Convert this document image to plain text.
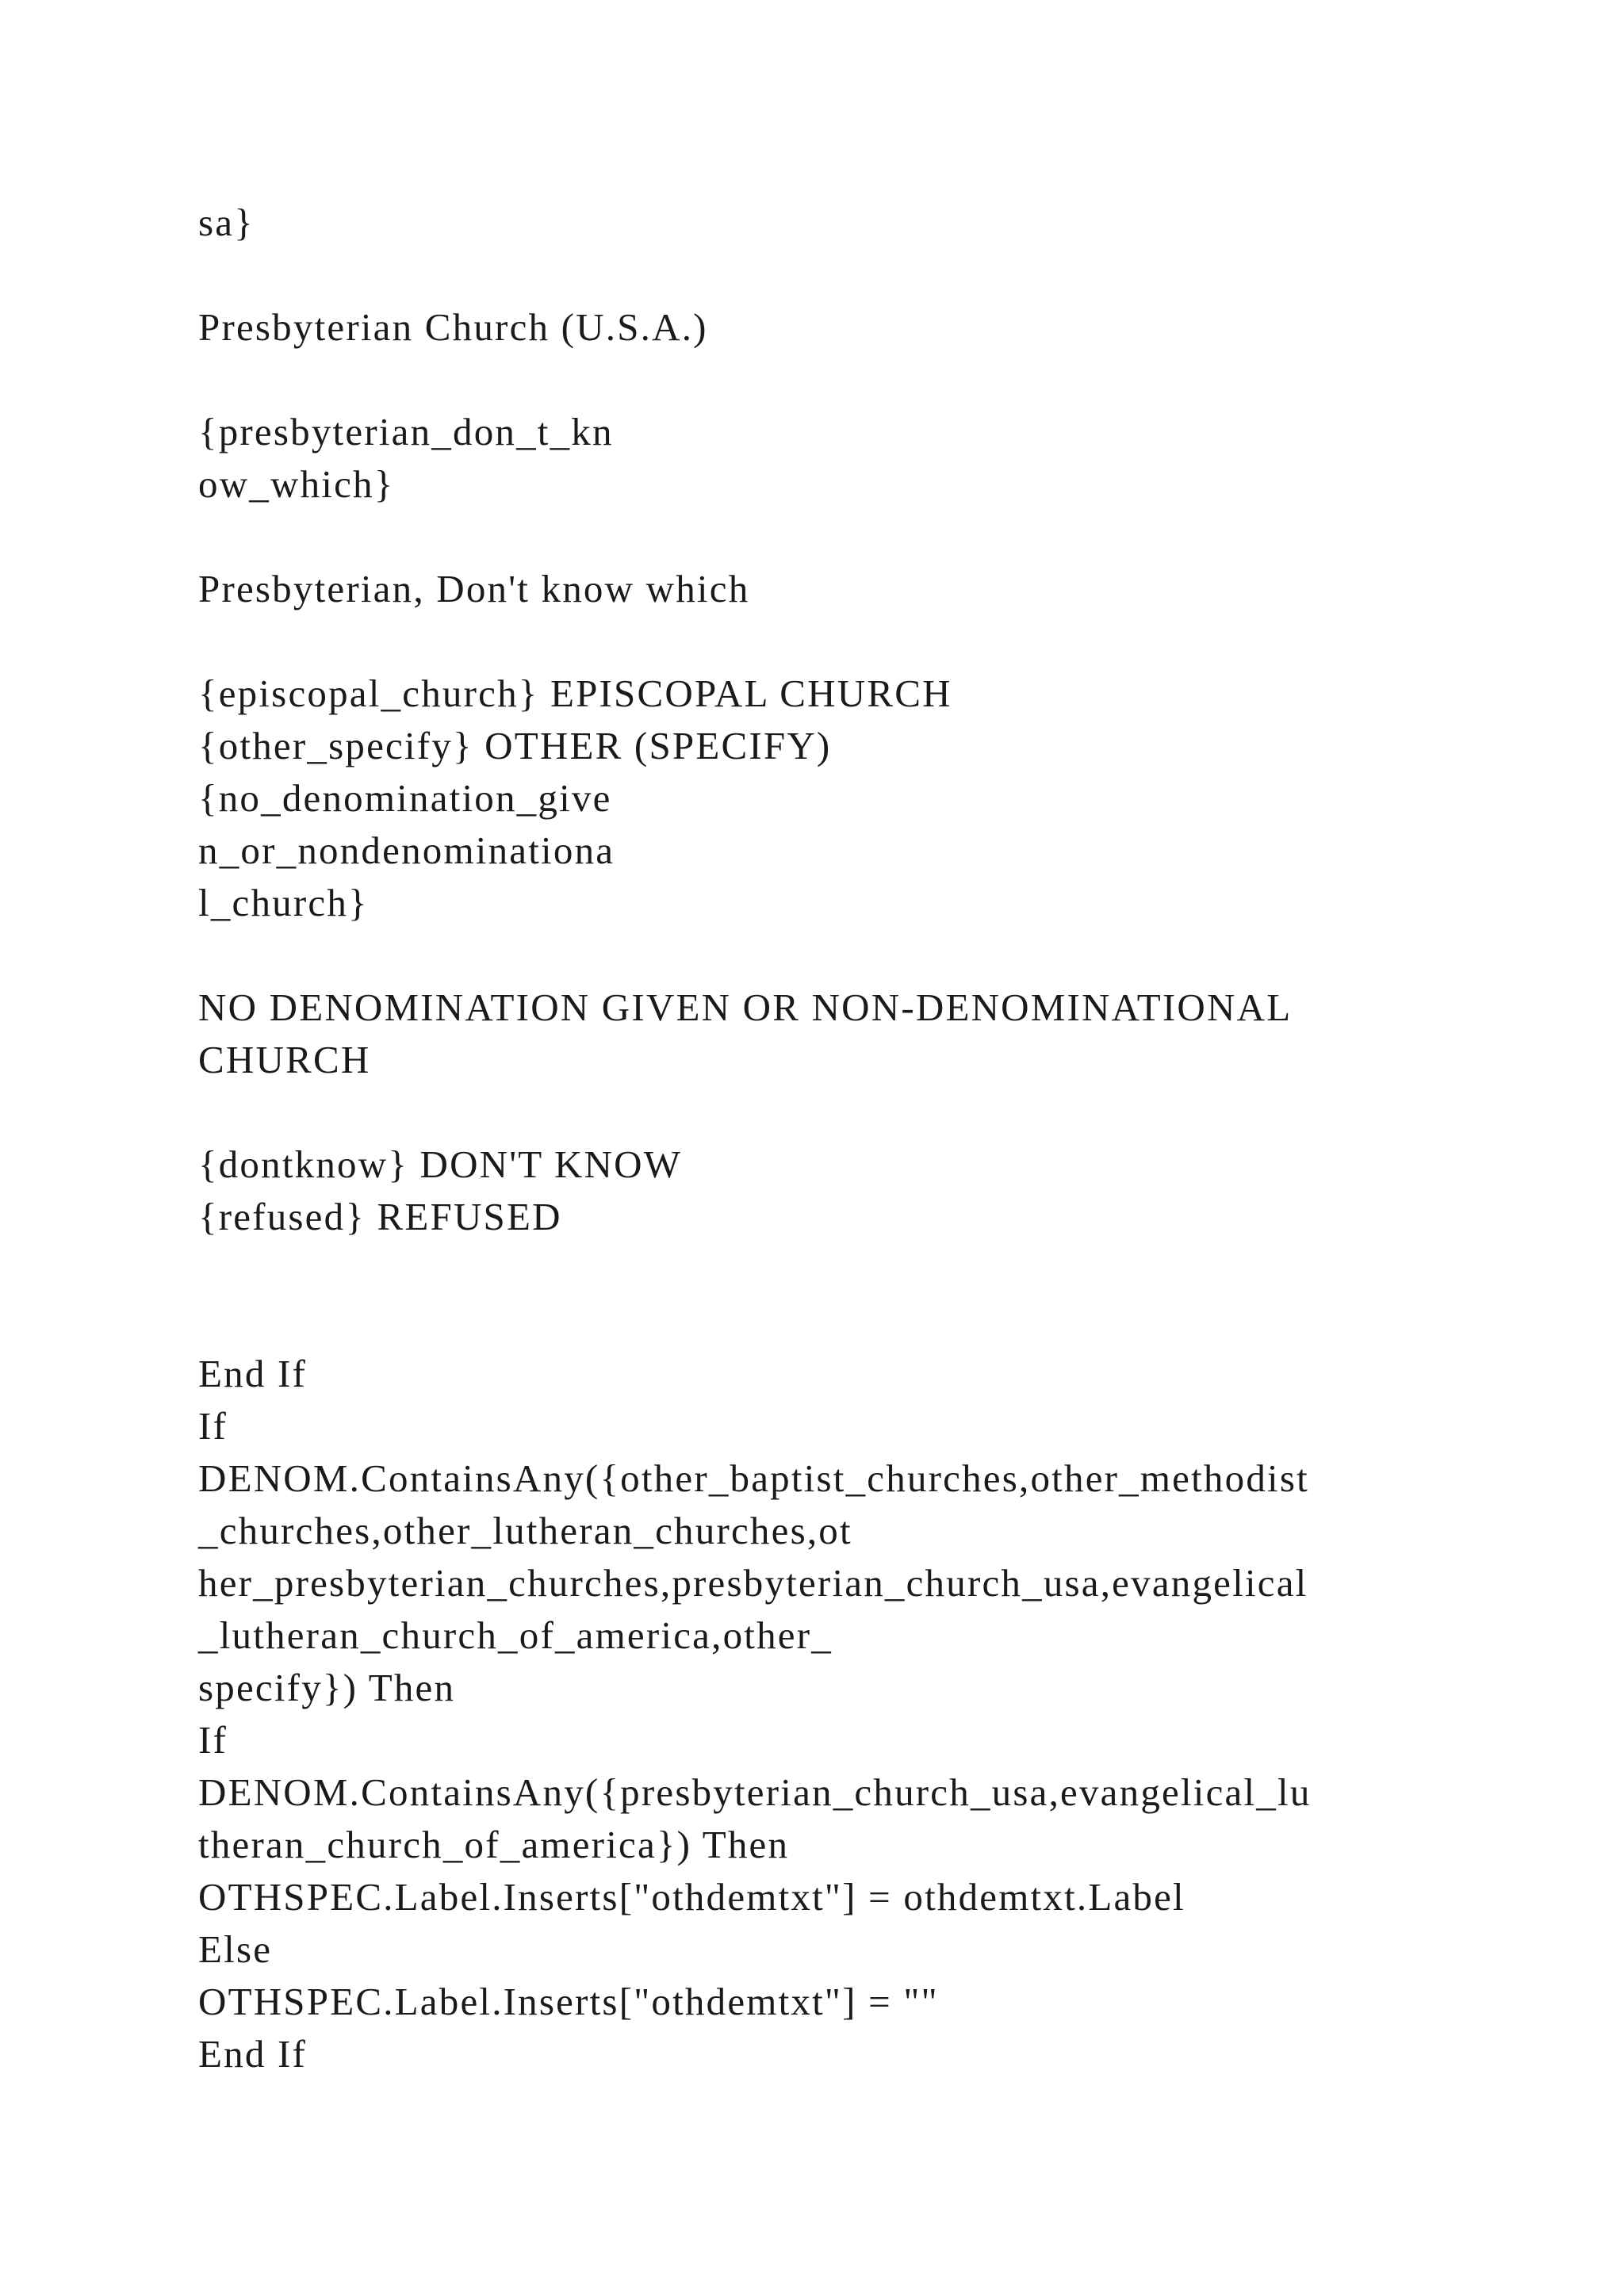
sa}

Presbyterian Church (U.S.A.)

{presbyterian_don_t_kn

ow_which}

Presbyterian, Don't know which

{episcopal_church} EPISCOPAL CHURCH

{other_specify} OTHER (SPECIFY)

{no_denomination_give

n_or_nondenominationa

l_church}

NO DENOMINATION GIVEN OR NON-DENOMINATIONAL

CHURCH

{dontknow} DON'T KNOW

{refused} REFUSED

End If

If

DENOM.ContainsAny({other_baptist_churches,other_methodist

_churches,other_lutheran_churches,ot

her_presbyterian_churches,presbyterian_church_usa,evangelical

_lutheran_church_of_america,other_

specify}) Then

If

DENOM.ContainsAny({presbyterian_church_usa,evangelical_lu

theran_church_of_america}) Then

OTHSPEC.Label.Inserts["othdemtxt"] = othdemtxt.Label

Else

OTHSPEC.Label.Inserts["othdemtxt"] = ""

End If
